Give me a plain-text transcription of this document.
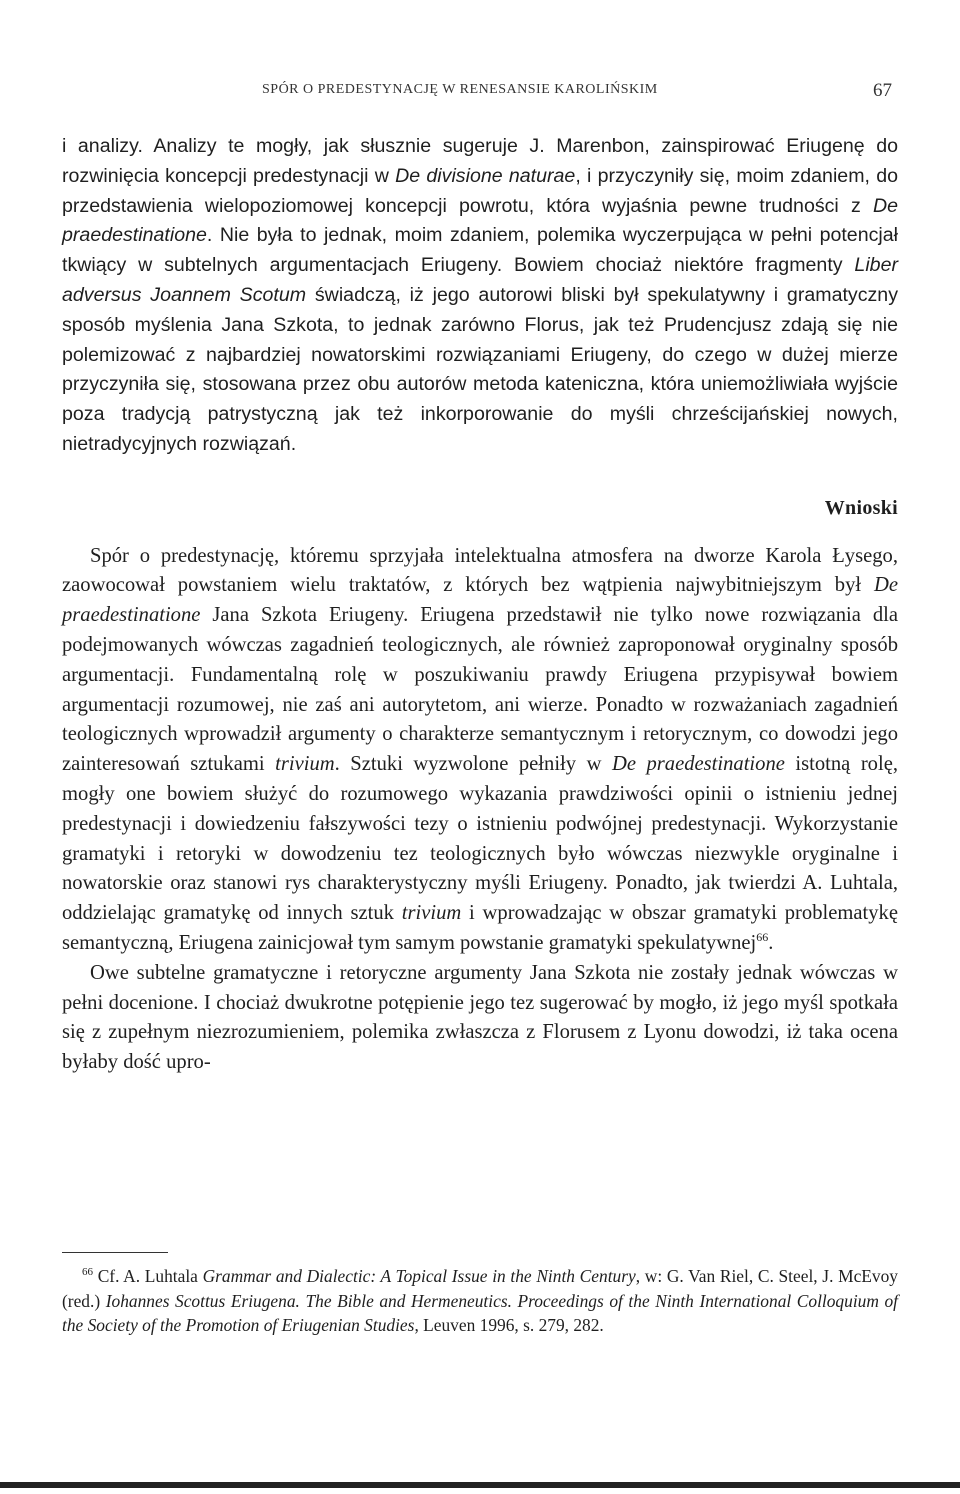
SPÓR O PREDESTYNACJĘ W RENESANSIE KAROLIŃSKIM	67

i analizy. Analizy te mogły, jak słusznie sugeruje J. Marenbon, zainspirować Eriugenę do rozwinięcia koncepcji predestynacji w De divisione naturae, i przyczyniły się, moim zdaniem, do przedstawienia wielopoziomowej koncepcji powrotu, która wyjaśnia pewne trudności z De praedestinatione. Nie była to jednak, moim zdaniem, polemika wyczerpująca w pełni potencjał tkwiący w subtelnych argumentacjach Eriugeny. Bowiem chociaż niektóre fragmenty Liber adversus Joannem Scotum świadczą, iż jego autorowi bliski był spekulatywny i gramatyczny sposób myślenia Jana Szkota, to jednak zarówno Florus, jak też Prudencjusz zdają się nie polemizować z najbardziej nowatorskimi rozwiązaniami Eriugeny, do czego w dużej mierze przyczyniła się, stosowana przez obu autorów metoda kateniczna, która uniemożliwiała wyjście poza tradycją patrystyczną jak też inkorporowanie do myśli chrześcijańskiej nowych, nietradycyjnych rozwiązań.

Wnioski

Spór o predestynację, któremu sprzyjała intelektualna atmosfera na dworze Karola Łysego, zaowocował powstaniem wielu traktatów, z których bez wątpienia najwybitniejszym był De praedestinatione Jana Szkota Eriugeny. Eriugena przedstawił nie tylko nowe rozwiązania dla podejmowanych wówczas zagadnień teologicznych, ale również zaproponował oryginalny sposób argumentacji. Fundamentalną rolę w poszukiwaniu prawdy Eriugena przypisywał bowiem argumentacji rozumowej, nie zaś ani autorytetom, ani wierze. Ponadto w rozważaniach zagadnień teologicznych wprowadził argumenty o charakterze semantycznym i retorycznym, co dowodzi jego zainteresowań sztukami trivium. Sztuki wyzwolone pełniły w De praedestinatione istotną rolę, mogły one bowiem służyć do rozumowego wykazania prawdziwości opinii o istnieniu jednej predestynacji i dowiedzeniu fałszywości tezy o istnieniu podwójnej predestynacji. Wykorzystanie gramatyki i retoryki w dowodzeniu tez teologicznych było wówczas niezwykle oryginalne i nowatorskie oraz stanowi rys charakterystyczny myśli Eriugeny. Ponadto, jak twierdzi A. Luhtala, oddzielając gramatykę od innych sztuk trivium i wprowadzając w obszar gramatyki problematykę semantyczną, Eriugena zainicjował tym samym powstanie gramatyki spekulatywnej$^{66}$.

Owe subtelne gramatyczne i retoryczne argumenty Jana Szkota nie zostały jednak wówczas w pełni docenione. I chociaż dwukrotne potępienie jego tez sugerować by mogło, iż jego myśl spotkała się z zupełnym niezrozumieniem, polemika zwłaszcza z Florusem z Lyonu dowodzi, iż taka ocena byłaby dość upro-

$^{66}$ Cf. A. Luhtala Grammar and Dialectic: A Topical Issue in the Ninth Century, w: G. Van Riel, C. Steel, J. McEvoy (red.) Iohannes Scottus Eriugena. The Bible and Hermeneutics. Proceedings of the Ninth International Colloquium of the Society of the Promotion of Eriugenian Studies, Leuven 1996, s. 279, 282.
